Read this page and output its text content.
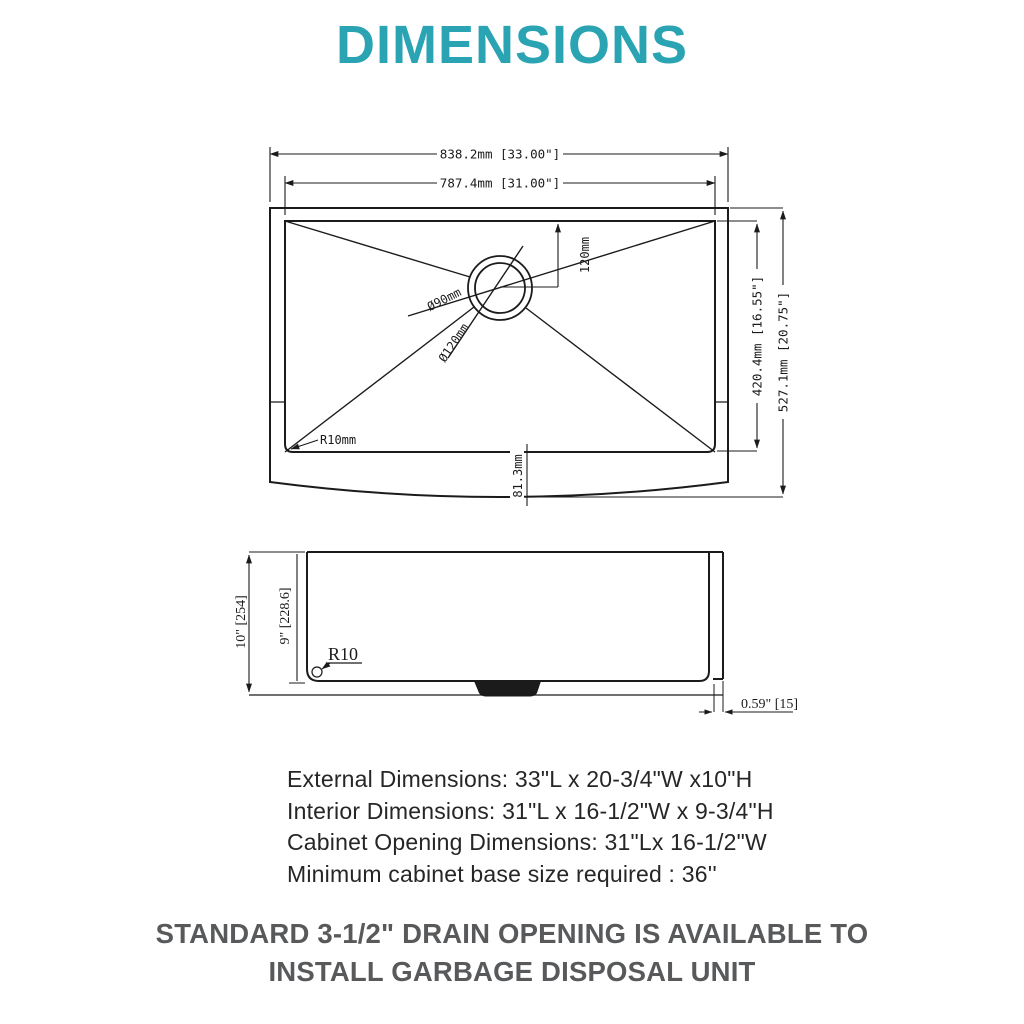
DIMENSIONS
838.2mm [33.00"]
787.4mm [31.00"]
120mm
Ø90mm
Ø120mm
R10mm
420.4mm [16.55"] 527.1mm [20.75"]
81.3mm
10" [254] 9" [228.6]
R10
0.59" [15]
External Dimensions: 33"L x 20-3/4"W x10"H
Interior Dimensions: 31"L x 16-1/2"W x 9-3/4"H
Cabinet Opening Dimensions: 31"Lx 16-1/2"W
Minimum cabinet base size required : 36''
STANDARD 3-1/2" DRAIN OPENING IS AVAILABLE TO
INSTALL GARBAGE DISPOSAL UNIT
